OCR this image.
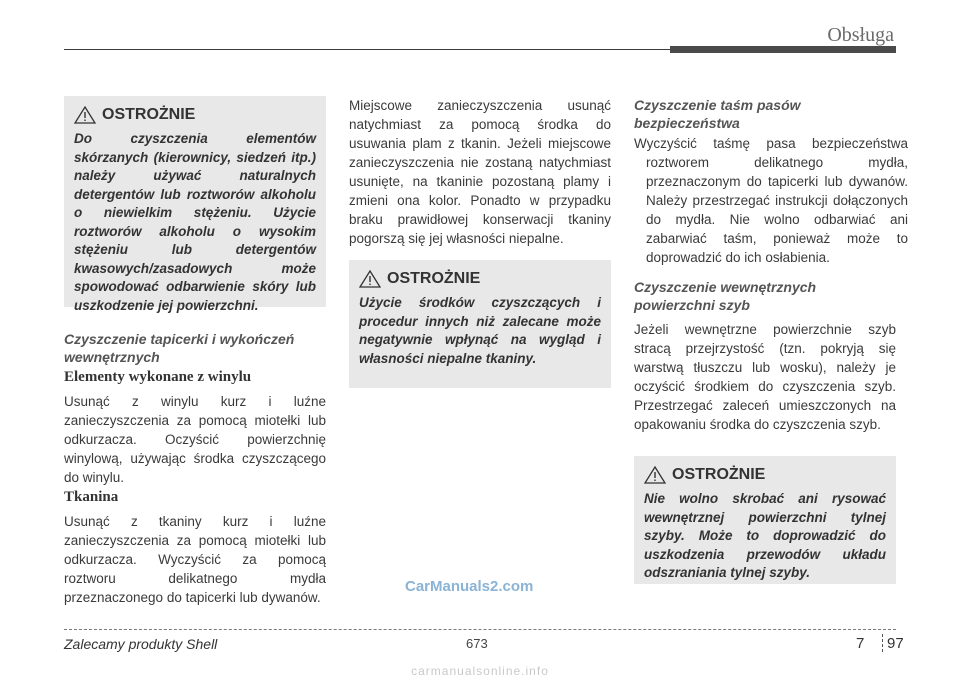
Obsługa
OSTROŻNIE
Do czyszczenia elementów skórzanych (kierownicy, siedzeń itp.) należy używać naturalnych detergentów lub roztworów alkoholu o niewielkim stężeniu. Użycie roztworów alkoholu o wysokim stężeniu lub detergentów kwasowych/zasadowych może spowodować odbarwienie skóry lub uszkodzenie jej powierzchni.
Czyszczenie tapicerki i wykończeń wewnętrznych
Elementy wykonane z winylu
Usunąć z winylu kurz i luźne zanieczyszczenia za pomocą miotełki lub odkurzacza. Oczyścić powierzchnię winylową, używając środka czyszczącego do winylu.
Tkanina
Usunąć z tkaniny kurz i luźne zanieczyszczenia za pomocą miotełki lub odkurzacza. Wyczyścić za pomocą roztworu delikatnego mydła przeznaczonego do tapicerki lub dywanów.
Miejscowe zanieczyszczenia usunąć natychmiast za pomocą środka do usuwania plam z tkanin. Jeżeli miejscowe zanieczyszczenia nie zostaną natychmiast usunięte, na tkaninie pozostaną plamy i zmieni ona kolor. Ponadto w przypadku braku prawidłowej konserwacji tkaniny pogorszą się jej własności niepalne.
OSTROŻNIE
Użycie środków czyszczących i procedur innych niż zalecane może negatywnie wpłynąć na wygląd i własności niepalne tkaniny.
Czyszczenie taśm pasów bezpieczeństwa
Wyczyścić taśmę pasa bezpieczeństwa roztworem delikatnego mydła, przeznaczonym do tapicerki lub dywanów. Należy przestrzegać instrukcji dołączonych do mydła. Nie wolno odbarwiać ani zabarwiać taśm, ponieważ może to doprowadzić do ich osłabienia.
Czyszczenie wewnętrznych powierzchni szyb
Jeżeli wewnętrzne powierzchnie szyb stracą przejrzystość (tzn. pokryją się warstwą tłuszczu lub wosku), należy je oczyścić środkiem do czyszczenia szyb. Przestrzegać zaleceń umieszczonych na opakowaniu środka do czyszczenia szyb.
OSTROŻNIE
Nie wolno skrobać ani rysować wewnętrznej powierzchni tylnej szyby. Może to doprowadzić do uszkodzenia przewodów układu odszraniania tylnej szyby.
CarManuals2.com
Zalecamy produkty Shell	673	7 97
carmanualsonline.info
